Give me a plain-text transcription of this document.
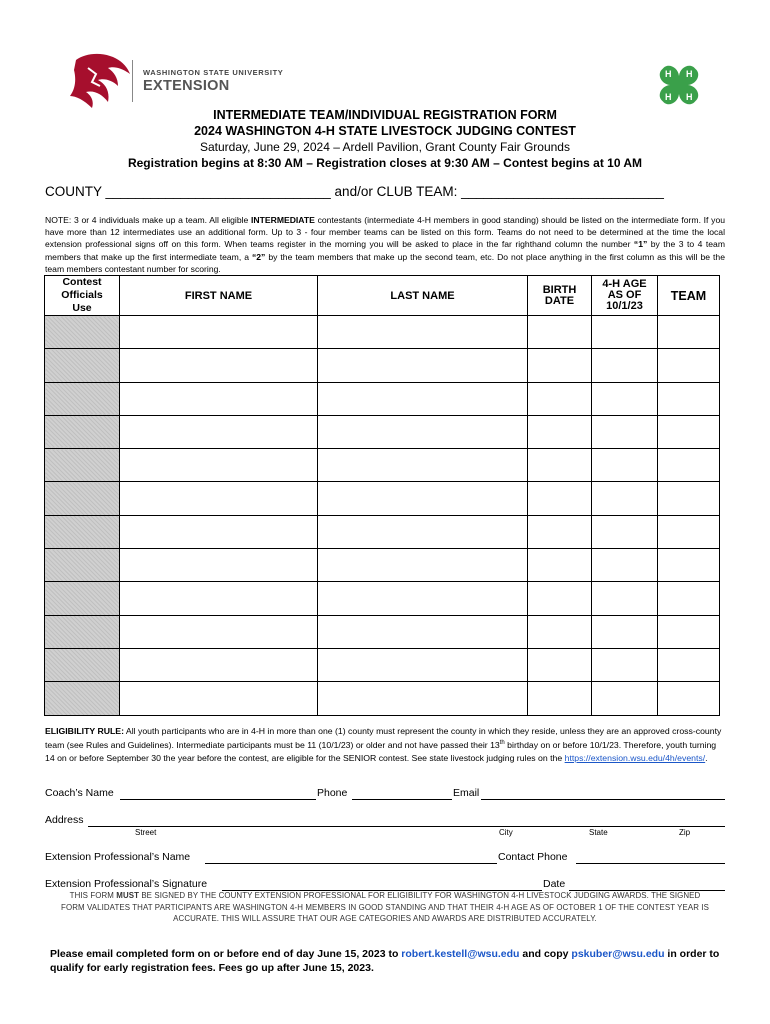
WASHINGTON STATE UNIVERSITY
EXTENSION
H H
H H
INTERMEDIATE TEAM/INDIVIDUAL REGISTRATION FORM
2024 WASHINGTON 4-H STATE LIVESTOCK JUDGING CONTEST
Saturday, June 29, 2024 – Ardell Pavilion, Grant County Fair Grounds
Registration begins at 8:30 AM – Registration closes at 9:30 AM – Contest begins at 10 AM
COUNTY ______________________________ and/or CLUB TEAM: ___________________________
NOTE: 3 or 4 individuals make up a team. All eligible INTERMEDIATE contestants (intermediate 4-H members in good standing) should be listed on the intermediate form. If you have more than 12 intermediates use an additional form. Up to 3 - four member teams can be listed on this form. Teams do not need to be determined at the time the local extension professional signs off on this form. When teams register in the morning you will be asked to place in the far righthand column the number “1” by the 3 to 4 team members that make up the first intermediate team, a “2” by the team members that make up the second team, etc. Do not place anything in the first column as this will be the team members contestant number for scoring.
Contest Officials Use	FIRST NAME	LAST NAME	BIRTH DATE	4-H AGE AS OF 10/1/23	TEAM

ELIGIBILITY RULE: All youth participants who are in 4-H in more than one (1) county must represent the county in which they reside, unless they are an approved cross-county team (see Rules and Guidelines). Intermediate participants must be 11 (10/1/23) or older and not have passed their 13th birthday on or before 10/1/23. Therefore, youth turning 14 on or before September 30 the year before the contest, are eligible for the SENIOR contest. See state livestock judging rules on the https://extension.wsu.edu/4h/events/.
Coach’s Name	Phone	Email
Address
Street	City	State	Zip
Extension Professional’s Name	Contact Phone
Extension Professional’s Signature	Date
THIS FORM MUST BE SIGNED BY THE COUNTY EXTENSION PROFESSIONAL FOR ELIGIBILITY FOR WASHINGTON 4-H LIVESTOCK JUDGING AWARDS. THE SIGNED FORM VALIDATES THAT PARTICIPANTS ARE WASHINGTON 4-H MEMBERS IN GOOD STANDING AND THAT THEIR 4-H AGE AS OF OCTOBER 1 OF THE CONTEST YEAR IS ACCURATE. THIS WILL ASSURE THAT OUR AGE CATEGORIES AND AWARDS ARE DISTRIBUTED ACCURATELY.
Please email completed form on or before end of day June 15, 2023 to robert.kestell@wsu.edu and copy pskuber@wsu.edu in order to qualify for early registration fees. Fees go up after June 15, 2023.
